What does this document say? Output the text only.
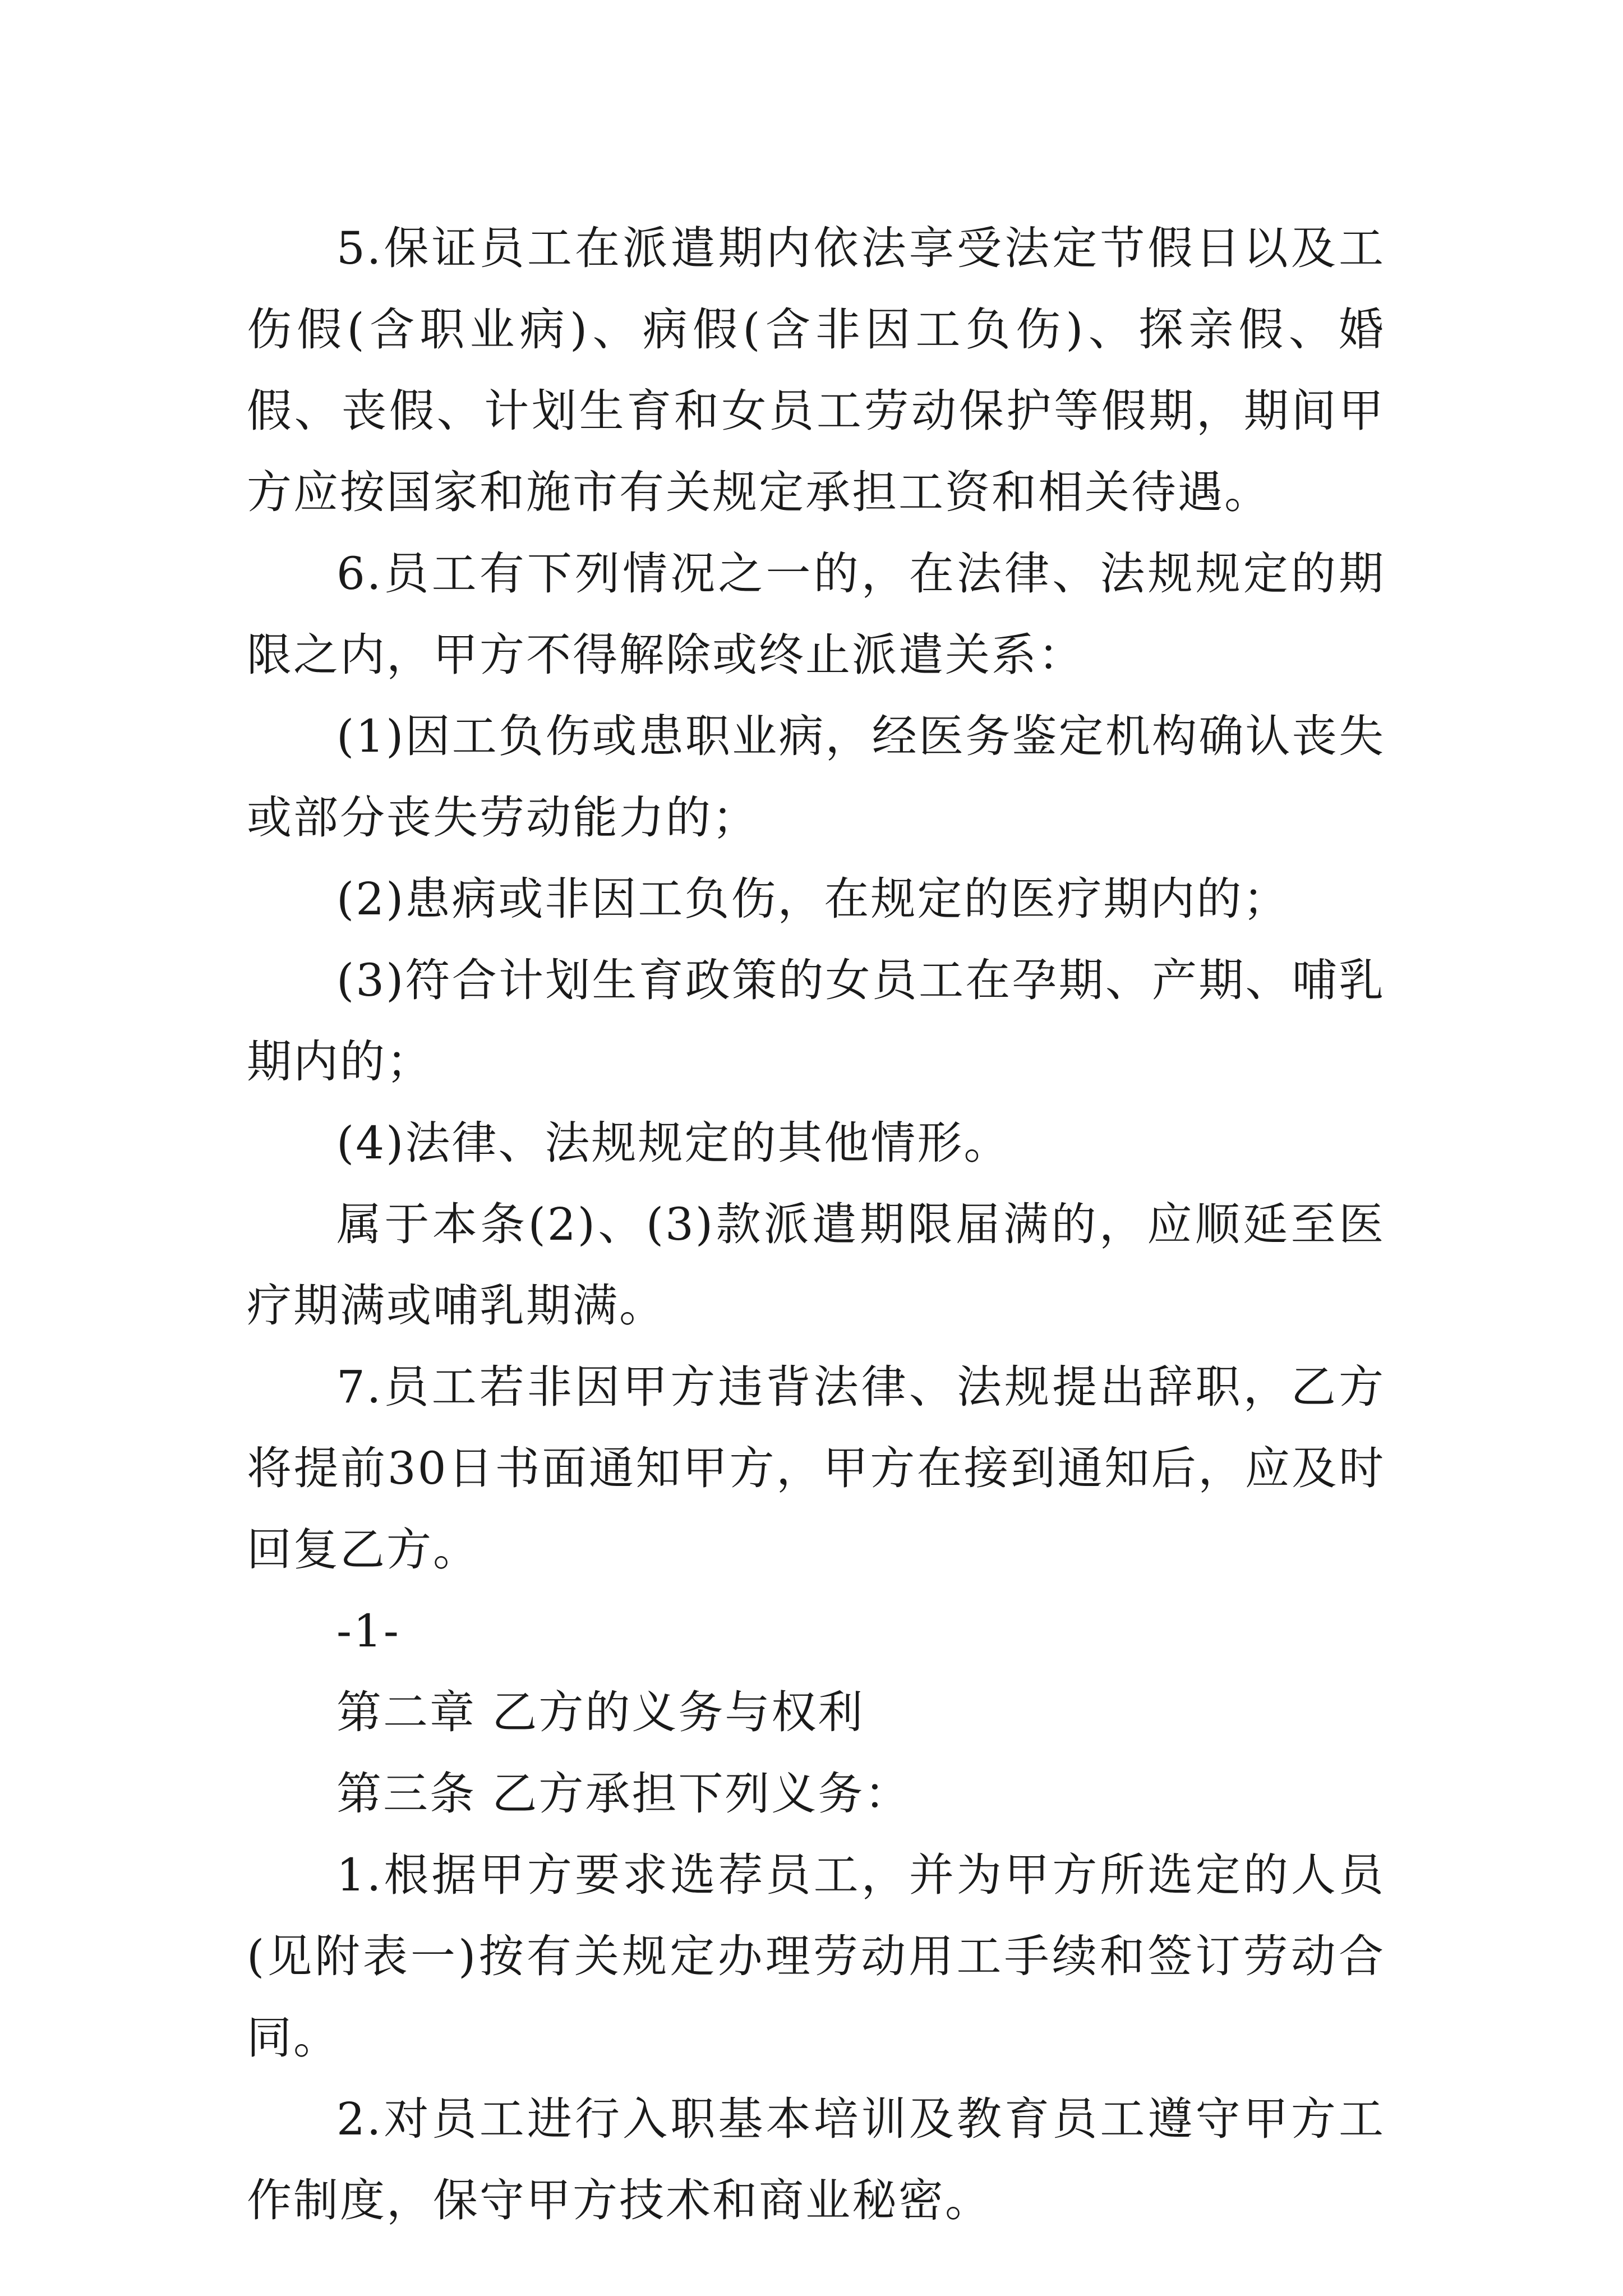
5.保证员工在派遣期内依法享受法定节假日以及工伤假(含职业病)、病假(含非因工负伤)、探亲假、婚假、丧假、计划生育和女员工劳动保护等假期，期间甲方应按国家和施市有关规定承担工资和相关待遇。

6.员工有下列情况之一的，在法律、法规规定的期限之内，甲方不得解除或终止派遣关系：

(1)因工负伤或患职业病，经医务鉴定机构确认丧失或部分丧失劳动能力的；

(2)患病或非因工负伤，在规定的医疗期内的；

(3)符合计划生育政策的女员工在孕期、产期、哺乳期内的；

(4)法律、法规规定的其他情形。

属于本条(2)、(3)款派遣期限届满的，应顺延至医疗期满或哺乳期满。

7.员工若非因甲方违背法律、法规提出辞职，乙方将提前30日书面通知甲方，甲方在接到通知后，应及时回复乙方。

-1-

第二章 乙方的义务与权利

第三条 乙方承担下列义务：

1.根据甲方要求选荐员工，并为甲方所选定的人员(见附表一)按有关规定办理劳动用工手续和签订劳动合同。

2.对员工进行入职基本培训及教育员工遵守甲方工作制度，保守甲方技术和商业秘密。
